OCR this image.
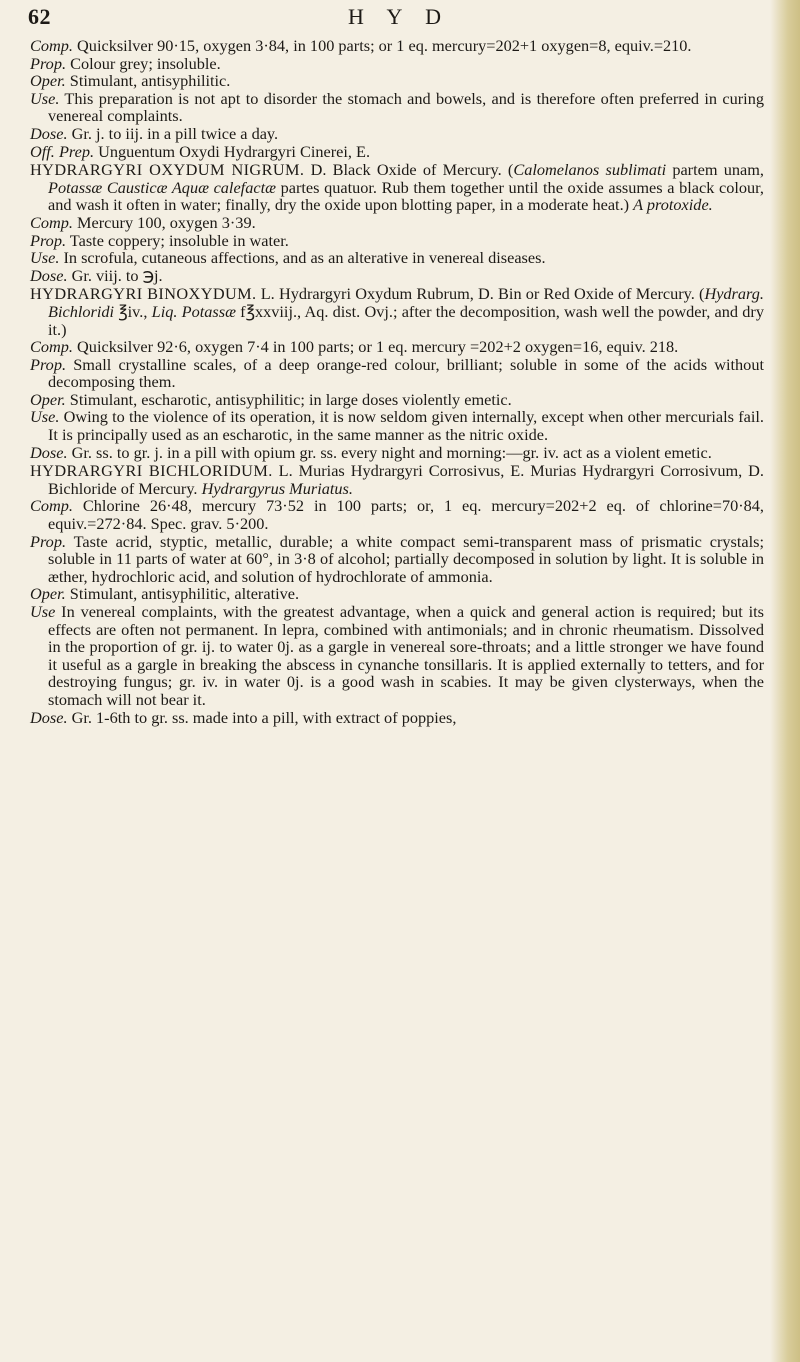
62	H Y D

Comp. Quicksilver 90·15, oxygen 3·84, in 100 parts; or 1 eq. mercury=202+1 oxygen=8, equiv.=210.

Prop. Colour grey; insoluble.

Oper. Stimulant, antisyphilitic.

Use. This preparation is not apt to disorder the stomach and bowels, and is therefore often preferred in curing venereal complaints.

Dose. Gr. j. to iij. in a pill twice a day.

Off. Prep. Unguentum Oxydi Hydrargyri Cinerei, E.

HYDRARGYRI OXYDUM NIGRUM. D. Black Oxide of Mercury. (Calomelanos sublimati partem unam, Potassæ Causticæ Aquæ calefactæ partes quatuor. Rub them together until the oxide assumes a black colour, and wash it often in water; finally, dry the oxide upon blotting paper, in a moderate heat.) A protoxide.

Comp. Mercury 100, oxygen 3·39.

Prop. Taste coppery; insoluble in water.

Use. In scrofula, cutaneous affections, and as an alterative in venereal diseases.

Dose. Gr. viij. to ℈j.

HYDRARGYRI BINOXYDUM. L. Hydrargyri Oxydum Rubrum, D. Bin or Red Oxide of Mercury. (Hydrarg. Bichloridi ℥iv., Liq. Potassæ f℥xxviij., Aq. dist. Ovj.; after the decomposition, wash well the powder, and dry it.)

Comp. Quicksilver 92·6, oxygen 7·4 in 100 parts; or 1 eq. mercury =202+2 oxygen=16, equiv. 218.

Prop. Small crystalline scales, of a deep orange-red colour, brilliant; soluble in some of the acids without decomposing them.

Oper. Stimulant, escharotic, antisyphilitic; in large doses violently emetic.

Use. Owing to the violence of its operation, it is now seldom given internally, except when other mercurials fail. It is principally used as an escharotic, in the same manner as the nitric oxide.

Dose. Gr. ss. to gr. j. in a pill with opium gr. ss. every night and morning:—gr. iv. act as a violent emetic.

HYDRARGYRI BICHLORIDUM. L. Murias Hydrargyri Corrosivus, E. Murias Hydrargyri Corrosivum, D. Bichloride of Mercury. Hydrargyrus Muriatus.

Comp. Chlorine 26·48, mercury 73·52 in 100 parts; or, 1 eq. mercury=202+2 eq. of chlorine=70·84, equiv.=272·84. Spec. grav. 5·200.

Prop. Taste acrid, styptic, metallic, durable; a white compact semi-transparent mass of prismatic crystals; soluble in 11 parts of water at 60°, in 3·8 of alcohol; partially decomposed in solution by light. It is soluble in æther, hydrochloric acid, and solution of hydrochlorate of ammonia.

Oper. Stimulant, antisyphilitic, alterative.

Use In venereal complaints, with the greatest advantage, when a quick and general action is required; but its effects are often not permanent. In lepra, combined with antimonials; and in chronic rheumatism. Dissolved in the proportion of gr. ij. to water 0j. as a gargle in venereal sore-throats; and a little stronger we have found it useful as a gargle in breaking the abscess in cynanche tonsillaris. It is applied externally to tetters, and for destroying fungus; gr. iv. in water 0j. is a good wash in scabies. It may be given clysterways, when the stomach will not bear it.

Dose. Gr. 1-6th to gr. ss. made into a pill, with extract of poppies,
